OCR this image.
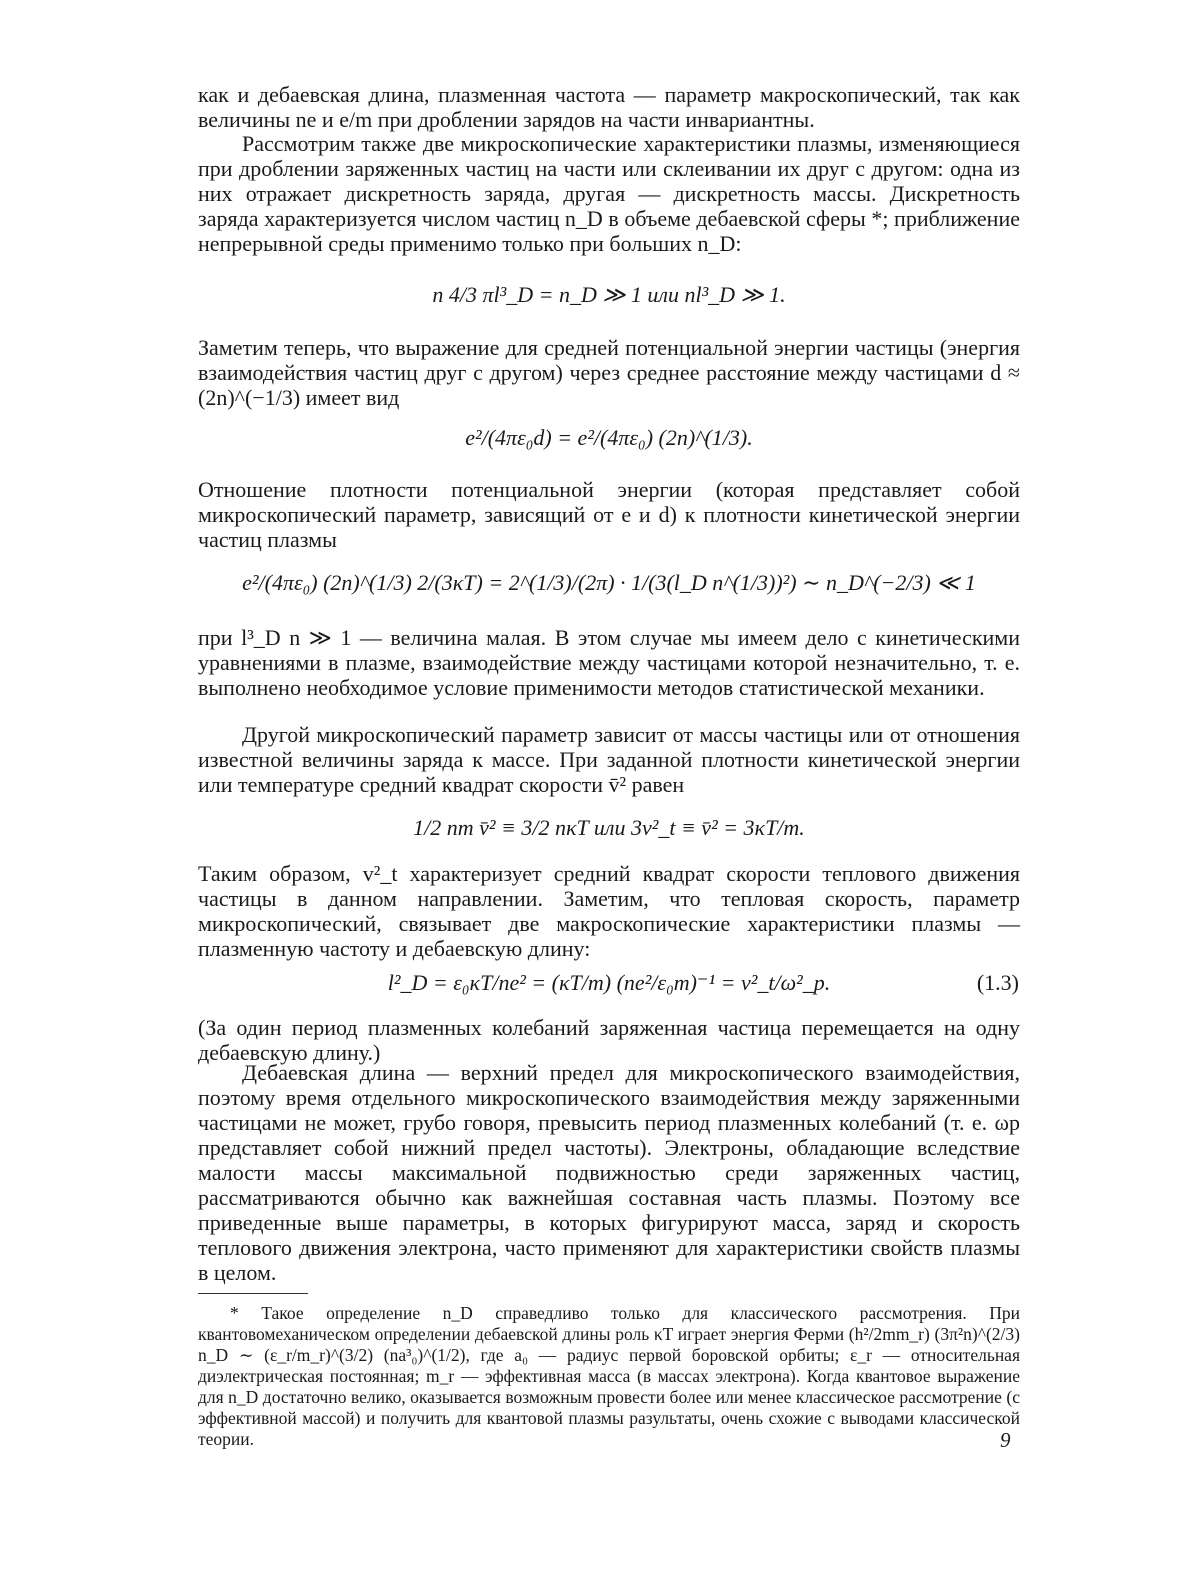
как и дебаевская длина, плазменная частота — параметр макроскопический, так как величины ne и e/m при дроблении зарядов на части инвариантны.
Рассмотрим также две микроскопические характеристики плазмы, изменяющиеся при дроблении заряженных частиц на части или склеивании их друг с другом: одна из них отражает дискретность заряда, другая — дискретность массы. Дискретность заряда характеризуется числом частиц n_D в объеме дебаевской сферы *; приближение непрерывной среды применимо только при больших n_D:
n 4/3 πl³_D = n_D ≫ 1 или nl³_D ≫ 1.
Заметим теперь, что выражение для средней потенциальной энергии частицы (энергия взаимодействия частиц друг с другом) через среднее расстояние между частицами d ≈ (2n)^(−1/3) имеет вид
e²/(4πε₀d) = e²/(4πε₀) (2n)^(1/3).
Отношение плотности потенциальной энергии (которая представляет собой микроскопический параметр, зависящий от e и d) к плотности кинетической энергии частиц плазмы
e²/(4πε₀) (2n)^(1/3) 2/(3κT) = 2^(1/3)/(2π) · 1/(3(l_D n^(1/3))²) ∼ n_D^(−2/3) ≪ 1
при l³_D n ≫ 1 — величина малая. В этом случае мы имеем дело с кинетическими уравнениями в плазме, взаимодействие между частицами которой незначительно, т. е. выполнено необходимое условие применимости методов статистической механики.
Другой микроскопический параметр зависит от массы частицы или от отношения известной величины заряда к массе. При заданной плотности кинетической энергии или температуре средний квадрат скорости v̄² равен
1/2 nm v̄² ≡ 3/2 nκT или 3v²_t ≡ v̄² = 3κT/m.
Таким образом, v²_t характеризует средний квадрат скорости теплового движения частицы в данном направлении. Заметим, что тепловая скорость, параметр микроскопический, связывает две макроскопические характеристики плазмы — плазменную частоту и дебаевскую длину:
l²_D = ε₀κT/ne² = (κT/m) (ne²/ε₀m)⁻¹ = v²_t/ω²_p.	(1.3)
(За один период плазменных колебаний заряженная частица перемещается на одну дебаевскую длину.)
Дебаевская длина — верхний предел для микроскопического взаимодействия, поэтому время отдельного микроскопического взаимодействия между заряженными частицами не может, грубо говоря, превысить период плазменных колебаний (т. е. ωp представляет собой нижний предел частоты). Электроны, обладающие вследствие малости массы максимальной подвижностью среди заряженных частиц, рассматриваются обычно как важнейшая составная часть плазмы. Поэтому все приведенные выше параметры, в которых фигурируют масса, заряд и скорость теплового движения электрона, часто применяют для характеристики свойств плазмы в целом.
* Такое определение n_D справедливо только для классического рассмотрения. При квантовомеханическом определении дебаевской длины роль κT играет энергия Ферми (h²/2mm_r) (3π²n)^(2/3) n_D ∼ (ε_r/m_r)^(3/2) (na³₀)^(1/2), где a₀ — радиус первой боровской орбиты; ε_r — относительная диэлектрическая постоянная; m_r — эффективная масса (в массах электрона). Когда квантовое выражение для n_D достаточно велико, оказывается возможным провести более или менее классическое рассмотрение (с эффективной массой) и получить для квантовой плазмы разультаты, очень схожие с выводами классической теории.	9
